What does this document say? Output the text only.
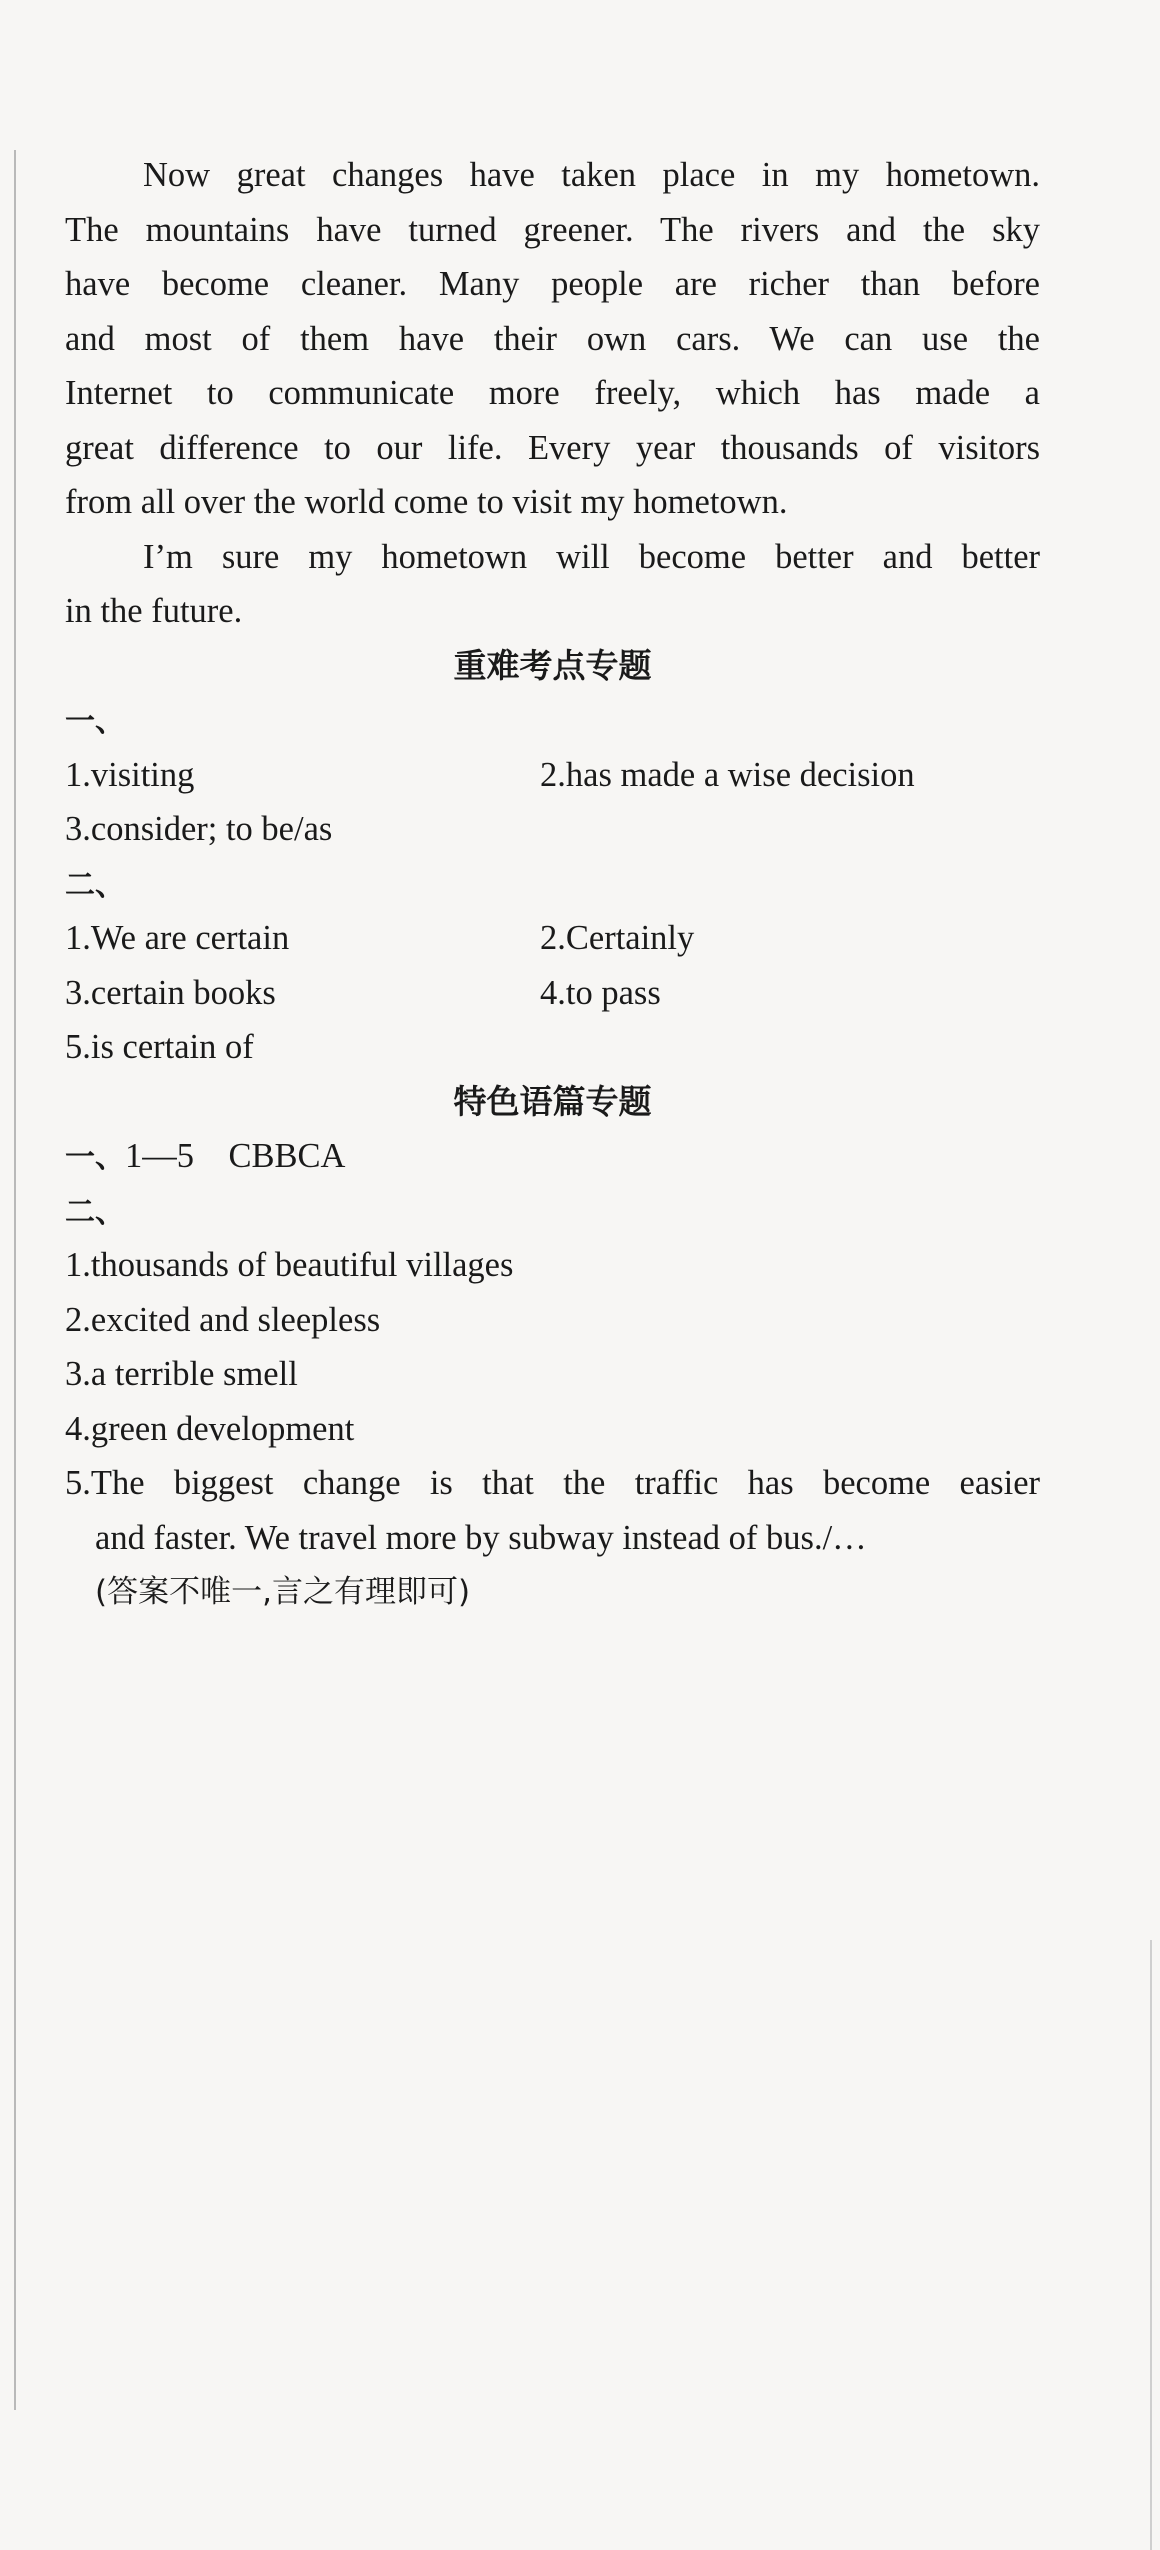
Now great changes have taken place in my hometown.
The mountains have turned greener. The rivers and the sky
have become cleaner. Many people are richer than before
and most of them have their own cars. We can use the
Internet to communicate more freely, which has made a
great difference to our life. Every year thousands of visitors
from all over the world come to visit my hometown.
I’m sure my hometown will become better and better
in the future.
重难考点专题
一、
1.visiting	2.has made a wise decision
3.consider; to be/as
二、
1.We are certain	2.Certainly
3.certain books	4.to pass
5.is certain of
特色语篇专题
一、1—5　CBBCA
二、
1.thousands of beautiful villages
2.excited and sleepless
3.a terrible smell
4.green development
5.The biggest change is that the traffic has become easier
and faster. We travel more by subway instead of bus./…
(答案不唯一,言之有理即可)
